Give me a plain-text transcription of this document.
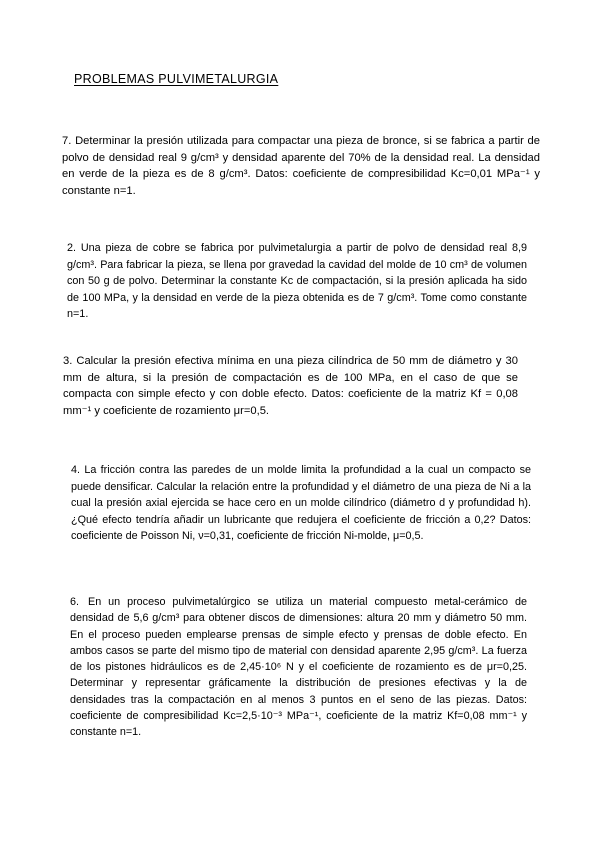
PROBLEMAS PULVIMETALURGIA

7. Determinar la presión utilizada para compactar una pieza de bronce, si se fabrica a partir de polvo de densidad real 9 g/cm³ y densidad aparente del 70% de la densidad real. La densidad en verde de la pieza es de 8 g/cm³. Datos: coeficiente de compresibilidad Kc=0,01 MPa⁻¹ y constante n=1.

2. Una pieza de cobre se fabrica por pulvimetalurgia a partir de polvo de densidad real 8,9 g/cm³. Para fabricar la pieza, se llena por gravedad la cavidad del molde de 10 cm³ de volumen con 50 g de polvo. Determinar la constante Kc de compactación, si la presión aplicada ha sido de 100 MPa, y la densidad en verde de la pieza obtenida es de 7 g/cm³. Tome como constante n=1.

3. Calcular la presión efectiva mínima en una pieza cilíndrica de 50 mm de diámetro y 30 mm de altura, si la presión de compactación es de 100 MPa, en el caso de que se compacta con simple efecto y con doble efecto. Datos: coeficiente de la matriz Kf = 0,08 mm⁻¹ y coeficiente de rozamiento μr=0,5.

4. La fricción contra las paredes de un molde limita la profundidad a la cual un compacto se puede densificar. Calcular la relación entre la profundidad y el diámetro de una pieza de Ni a la cual la presión axial ejercida se hace cero en un molde cilíndrico (diámetro d y profundidad h). ¿Qué efecto tendría añadir un lubricante que redujera el coeficiente de fricción a 0,2? Datos: coeficiente de Poisson Ni, ν=0,31, coeficiente de fricción Ni-molde, μ=0,5.

6. En un proceso pulvimetalúrgico se utiliza un material compuesto metal-cerámico de densidad de 5,6 g/cm³ para obtener discos de dimensiones: altura 20 mm y diámetro 50 mm. En el proceso pueden emplearse prensas de simple efecto y prensas de doble efecto. En ambos casos se parte del mismo tipo de material con densidad aparente 2,95 g/cm³. La fuerza de los pistones hidráulicos es de 2,45·10⁶ N y el coeficiente de rozamiento es de μr=0,25. Determinar y representar gráficamente la distribución de presiones efectivas y la de densidades tras la compactación en al menos 3 puntos en el seno de las piezas. Datos: coeficiente de compresibilidad Kc=2,5·10⁻³ MPa⁻¹, coeficiente de la matriz Kf=0,08 mm⁻¹ y constante n=1.
